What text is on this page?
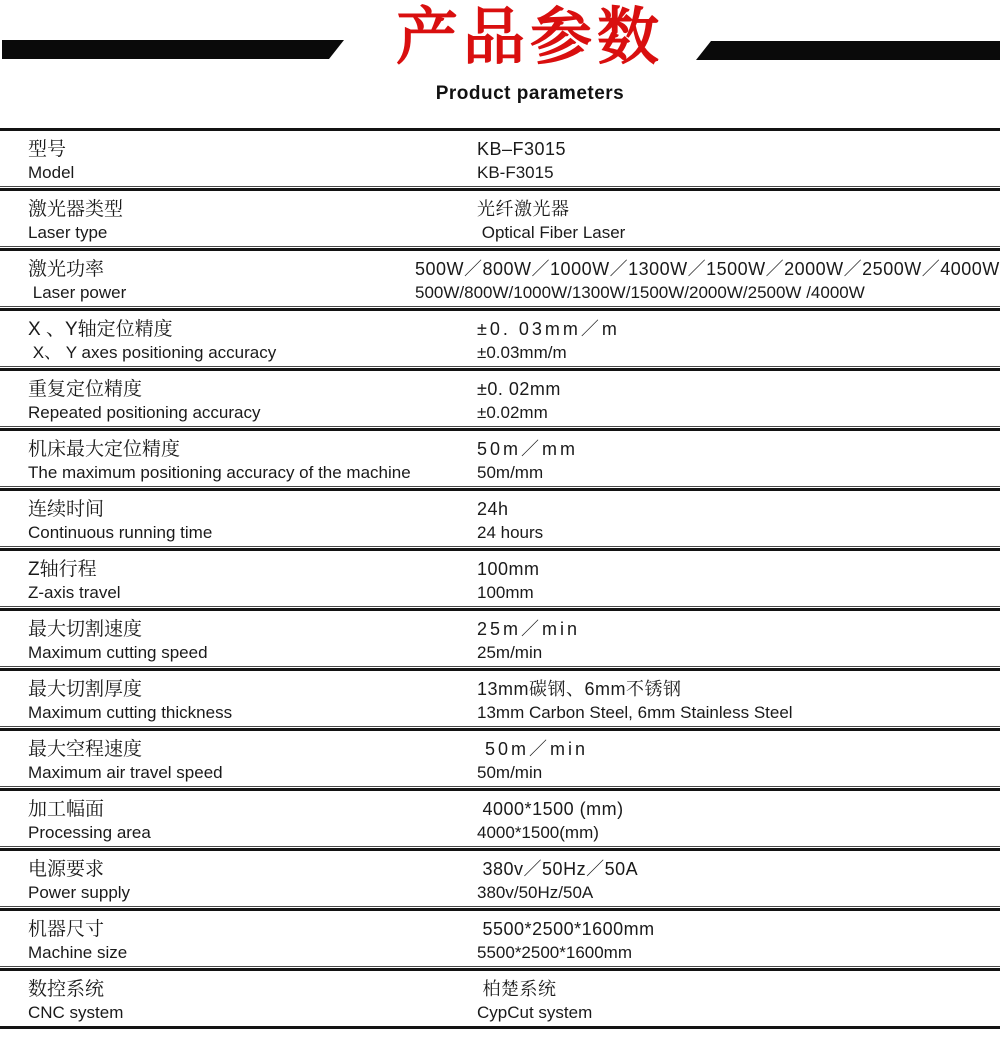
产品参数
Product parameters
型号
Model
KB–F3015
KB-F3015
激光器类型
Laser type
光纤激光器
Optical Fiber Laser
激光功率
Laser power
500W／800W／1000W／1300W／1500W／2000W／2500W／4000W
500W/800W/1000W/1300W/1500W/2000W/2500W /4000W
X 、Y轴定位精度
X、 Y axes positioning accuracy
±0. 03mm／m
±0.03mm/m
重复定位精度
Repeated positioning accuracy
±0. 02mm
±0.02mm
机床最大定位精度
The maximum positioning accuracy of the machine
50m／mm
50m/mm
连续时间
Continuous running time
24h
24 hours
Z轴行程
Z-axis travel
100mm
100mm
最大切割速度
Maximum cutting speed
25m／min
25m/min
最大切割厚度
Maximum cutting thickness
13mm碳钢、6mm不锈钢
13mm Carbon Steel, 6mm Stainless Steel
最大空程速度
Maximum air travel speed
50m／min
50m/min
加工幅面
Processing area
4000*1500 (mm)
4000*1500(mm)
电源要求
Power supply
380v／50Hz／50A
380v/50Hz/50A
机器尺寸
Machine size
5500*2500*1600mm
5500*2500*1600mm
数控系统
CNC system
柏楚系统
CypCut system
